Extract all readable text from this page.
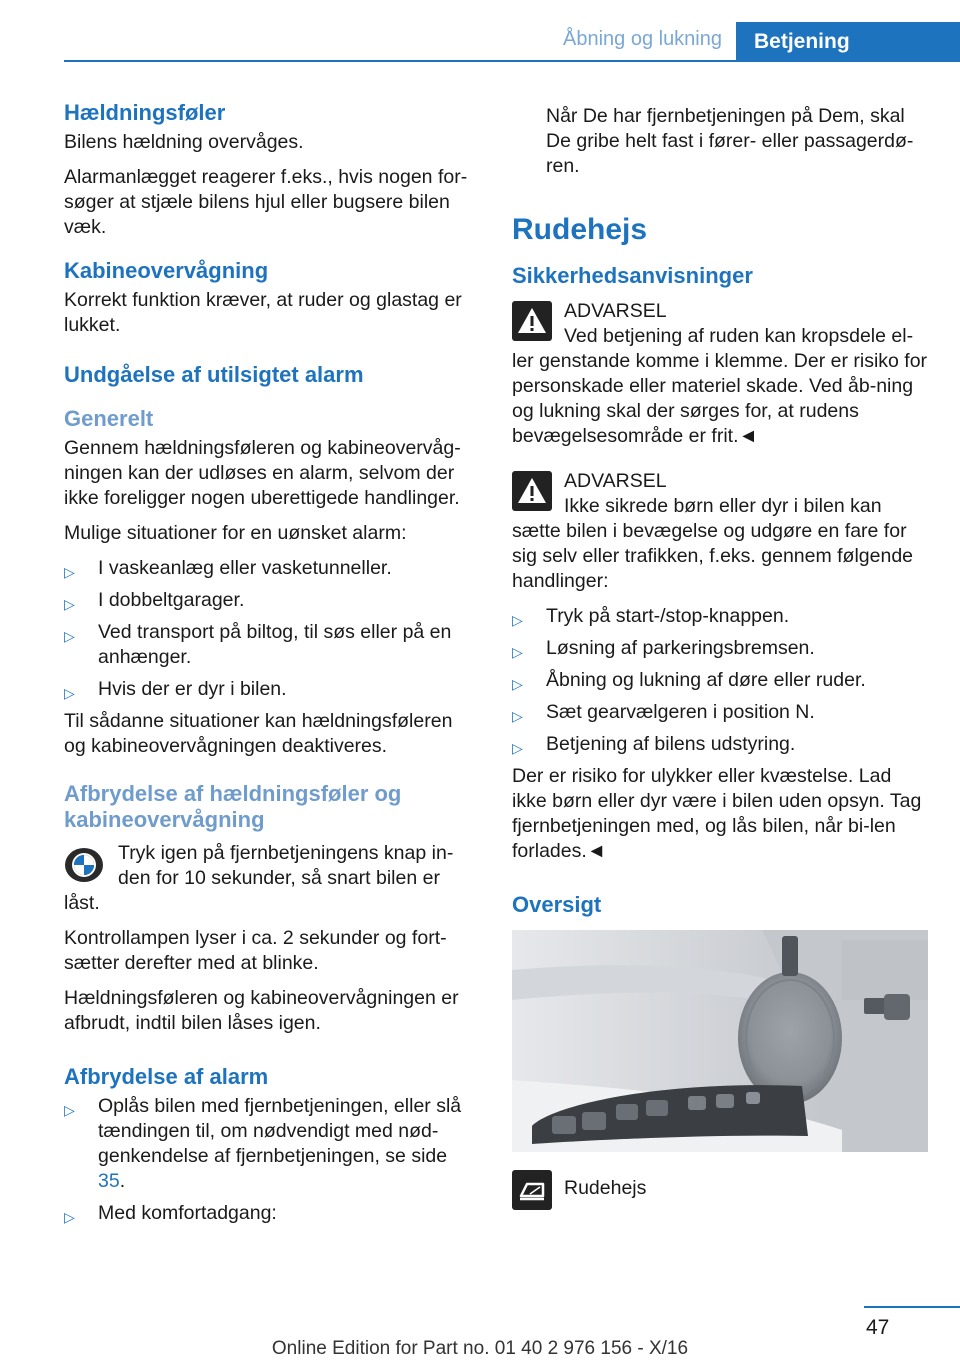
Åbning og lukning	Betjening
Hældningsføler

Bilens hældning overvåges.

Alarmanlægget reagerer f.eks., hvis nogen for‐søger at stjæle bilens hjul eller bugsere bilen væk.

Kabineovervågning

Korrekt funktion kræver, at ruder og glastag er lukket.

Undgåelse af utilsigtet alarm
Generelt

Gennem hældningsføleren og kabineovervåg‐ningen kan der udløses en alarm, selvom der ikke foreligger nogen uberettigede handlinger.

Mulige situationer for en uønsket alarm:

▷ I vaskeanlæg eller vasketunneller.
▷ I dobbeltgarager.
▷ Ved transport på biltog, til søs eller på en anhænger.
▷ Hvis der er dyr i bilen.

Til sådanne situationer kan hældningsføleren og kabineovervågningen deaktiveres.

Afbrydelse af hældningsføler og kabineovervågning
Tryk igen på fjernbetjeningens knap in‐den for 10 sekunder, så snart bilen er låst.

Kontrollampen lyser i ca. 2 sekunder og fort‐sætter derefter med at blinke.

Hældningsføleren og kabineovervågningen er afbrudt, indtil bilen låses igen.

Afbrydelse af alarm
▷ Oplås bilen med fjernbetjeningen, eller slå tændingen til, om nødvendigt med nød‐genkendelse af fjernbetjeningen, se side 35.
▷ Med komfortadgang:

Når De har fjernbetjeningen på Dem, skal De gribe helt fast i fører- eller passagerdø‐ren.

Rudehejs
Sikkerhedsanvisninger
ADVARSEL
Ved betjening af ruden kan kropsdele el‐ler genstande komme i klemme. Der er risiko for personskade eller materiel skade. Ved åb‐ning og lukning skal der sørges for, at rudens bevægelsesområde er frit.◄
ADVARSEL
Ikke sikrede børn eller dyr i bilen kan sætte bilen i bevægelse og udgøre en fare for sig selv eller trafikken, f.eks. gennem følgende handlinger:
▷ Tryk på start-/stop-knappen.
▷ Løsning af parkeringsbremsen.
▷ Åbning og lukning af døre eller ruder.
▷ Sæt gearvælgeren i position N.
▷ Betjening af bilens udstyring.

Der er risiko for ulykker eller kvæstelse. Lad ikke børn eller dyr være i bilen uden opsyn. Tag fjernbetjeningen med, og lås bilen, når bi‐len forlades.◄

Oversigt
Rudehejs
47
Online Edition for Part no. 01 40 2 976 156 - X/16
